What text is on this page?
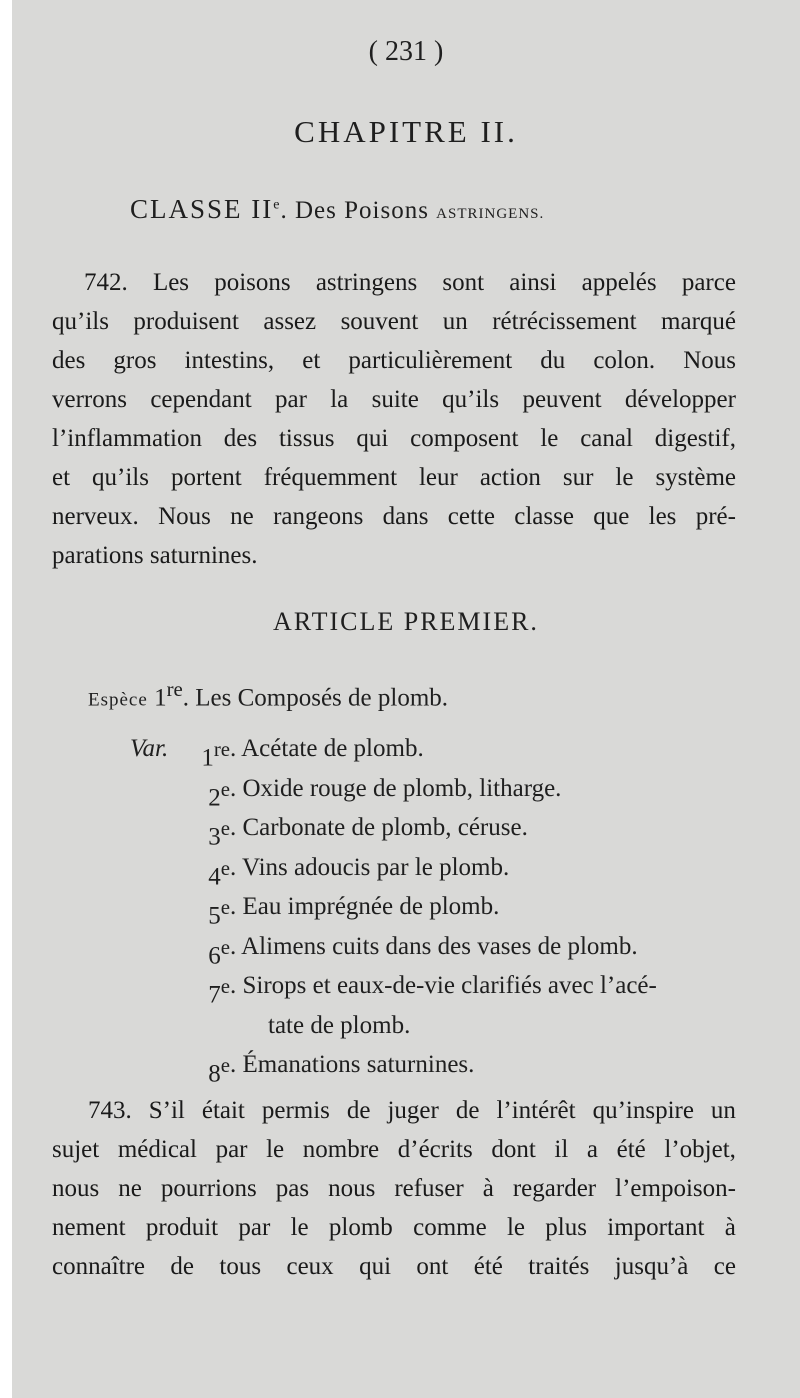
( 231 )
CHAPITRE II.
CLASSE IIe. Des Poisons ASTRINGENS.
742. Les poisons astringens sont ainsi appelés parce
qu’ils produisent assez souvent un rétrécissement marqué
des gros intestins, et particulièrement du colon. Nous
verrons cependant par la suite qu’ils peuvent développer
l’inflammation des tissus qui composent le canal digestif,
et qu’ils portent fréquemment leur action sur le système
nerveux. Nous ne rangeons dans cette classe que les pré-
parations saturnines.
ARTICLE PREMIER.
Espèce 1re. Les Composés de plomb.
Var.	1re . Acétate de plomb.
2e . Oxide rouge de plomb, litharge.
3e . Carbonate de plomb, céruse.
4e . Vins adoucis par le plomb.
5e . Eau imprégnée de plomb.
6e . Alimens cuits dans des vases de plomb.
7e . Sirops et eaux-de-vie clarifiés avec l’acé-
tate de plomb.
8e . Émanations saturnines.
743. S’il était permis de juger de l’intérêt qu’inspire un
sujet médical par le nombre d’écrits dont il a été l’objet,
nous ne pourrions pas nous refuser à regarder l’empoison-
nement produit par le plomb comme le plus important à
connaître de tous ceux qui ont été traités jusqu’à ce
